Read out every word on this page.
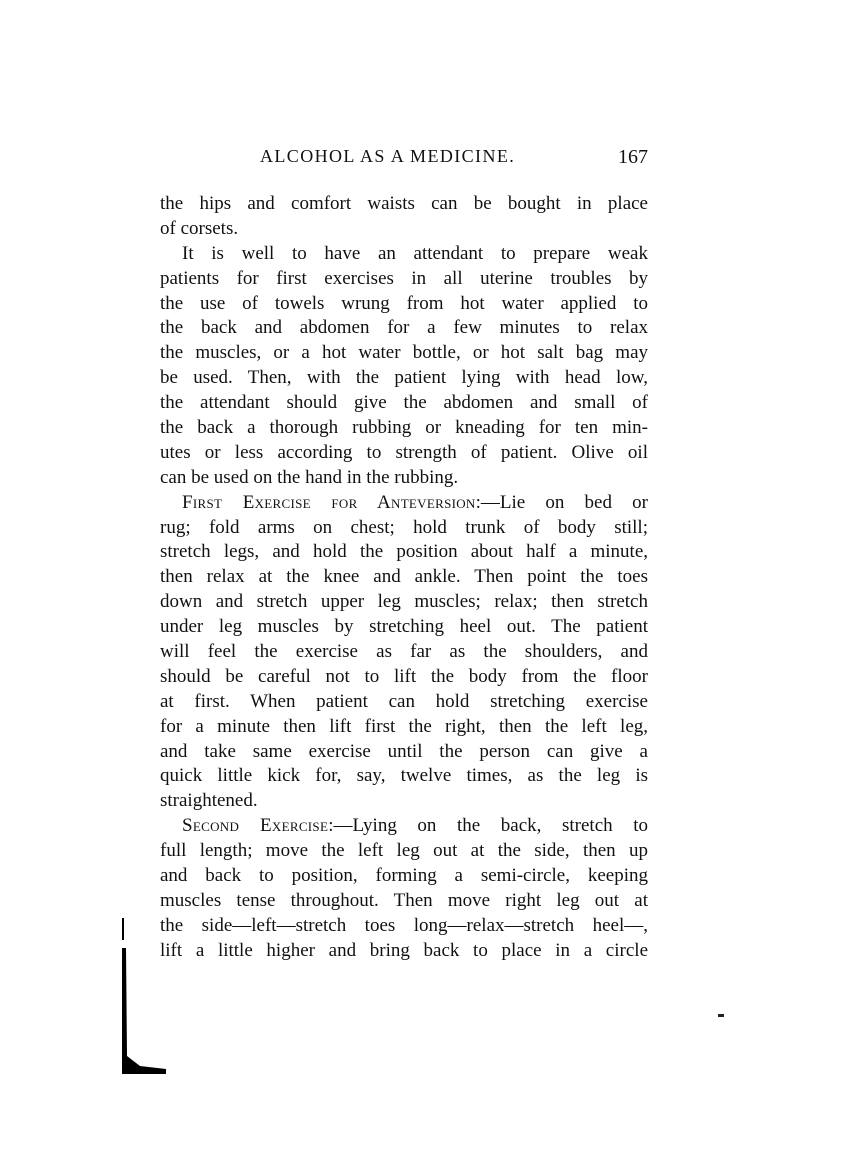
ALCOHOL AS A MEDICINE.	167
the hips and comfort waists can be bought in place
of corsets.
It is well to have an attendant to prepare weak
patients for first exercises in all uterine troubles by
the use of towels wrung from hot water applied to
the back and abdomen for a few minutes to relax
the muscles, or a hot water bottle, or hot salt bag may
be used. Then, with the patient lying with head low,
the attendant should give the abdomen and small of
the back a thorough rubbing or kneading for ten min-
utes or less according to strength of patient. Olive oil
can be used on the hand in the rubbing.
First Exercise for Anteversion:—Lie on bed or
rug; fold arms on chest; hold trunk of body still;
stretch legs, and hold the position about half a minute,
then relax at the knee and ankle. Then point the toes
down and stretch upper leg muscles; relax; then stretch
under leg muscles by stretching heel out. The patient
will feel the exercise as far as the shoulders, and
should be careful not to lift the body from the floor
at first. When patient can hold stretching exercise
for a minute then lift first the right, then the left leg,
and take same exercise until the person can give a
quick little kick for, say, twelve times, as the leg is
straightened.
Second Exercise:—Lying on the back, stretch to
full length; move the left leg out at the side, then up
and back to position, forming a semi-circle, keeping
muscles tense throughout. Then move right leg out at
the side—left—stretch toes long—relax—stretch heel—,
lift a little higher and bring back to place in a circle
